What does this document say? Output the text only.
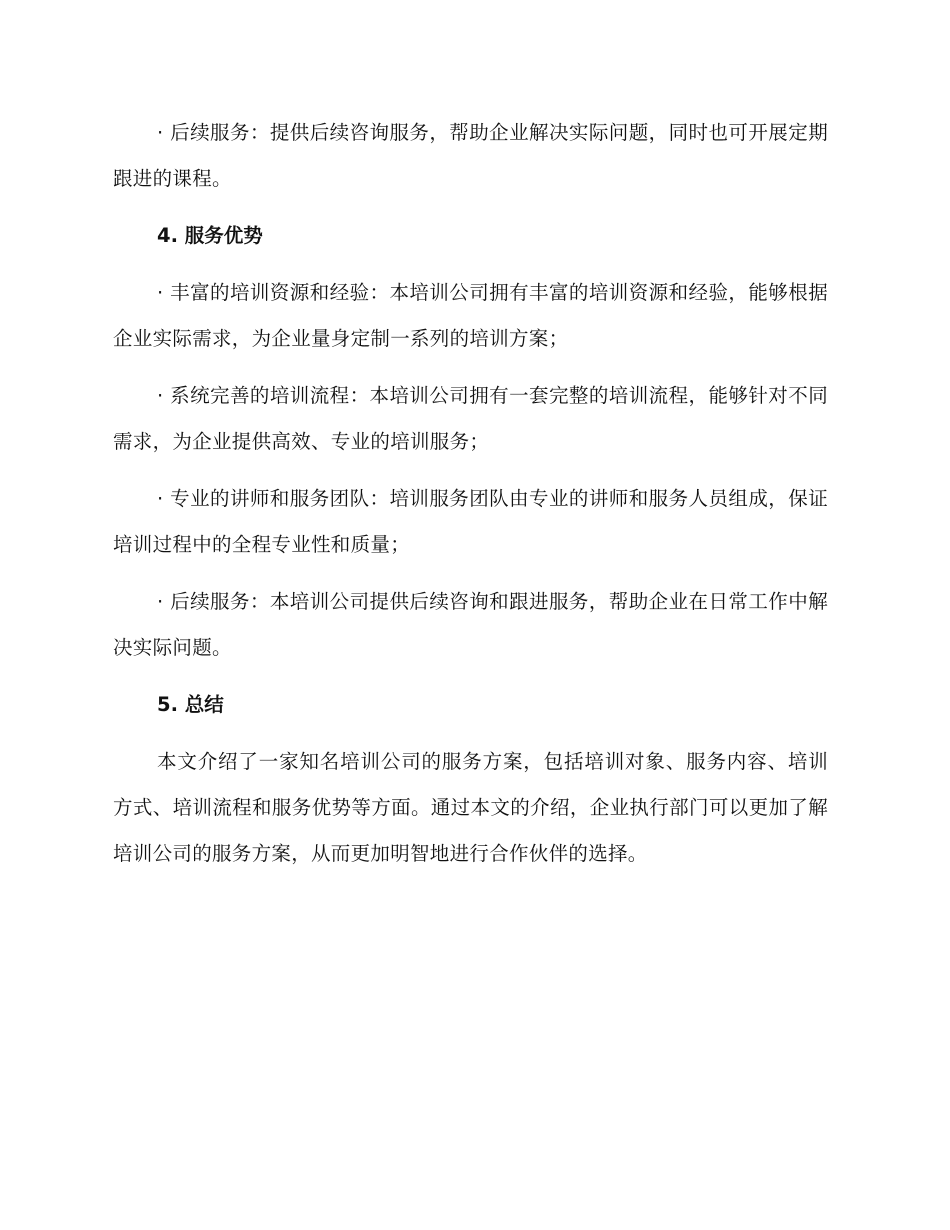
· 后续服务：提供后续咨询服务，帮助企业解决实际问题，同时也可开展定期跟进的课程。

4. 服务优势

· 丰富的培训资源和经验：本培训公司拥有丰富的培训资源和经验，能够根据企业实际需求，为企业量身定制一系列的培训方案；

· 系统完善的培训流程：本培训公司拥有一套完整的培训流程，能够针对不同需求，为企业提供高效、专业的培训服务；

· 专业的讲师和服务团队：培训服务团队由专业的讲师和服务人员组成，保证培训过程中的全程专业性和质量；

· 后续服务：本培训公司提供后续咨询和跟进服务，帮助企业在日常工作中解决实际问题。

5. 总结

本文介绍了一家知名培训公司的服务方案，包括培训对象、服务内容、培训方式、培训流程和服务优势等方面。通过本文的介绍，企业执行部门可以更加了解培训公司的服务方案，从而更加明智地进行合作伙伴的选择。
